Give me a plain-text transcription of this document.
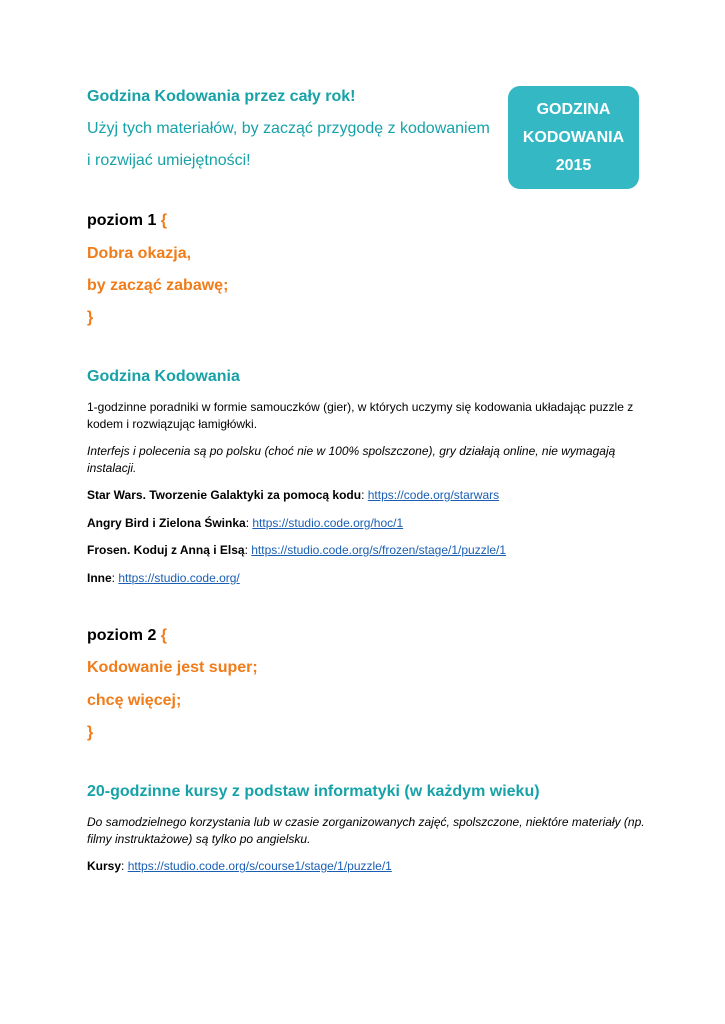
Godzina Kodowania przez cały rok!
Użyj tych materiałów, by zacząć przygodę z kodowaniem
i rozwijać umiejętności!
GODZINA
KODOWANIA
2015
poziom 1 {
Dobra okazja,
by zacząć zabawę;
}
Godzina Kodowania
1-godzinne poradniki w formie samouczków (gier), w których uczymy się kodowania układając puzzle z kodem i rozwiązując łamigłówki.
Interfejs i polecenia są po polsku (choć nie w 100% spolszczone), gry działają online, nie wymagają instalacji.
Star Wars. Tworzenie Galaktyki za pomocą kodu: https://code.org/starwars
Angry Bird i Zielona Świnka: https://studio.code.org/hoc/1
Frosen. Koduj z Anną i Elsą: https://studio.code.org/s/frozen/stage/1/puzzle/1
Inne: https://studio.code.org/
poziom 2 {
Kodowanie jest super;
chcę więcej;
}
20-godzinne kursy z podstaw informatyki (w każdym wieku)
Do samodzielnego korzystania lub w czasie zorganizowanych zajęć, spolszczone, niektóre materiały (np. filmy instruktażowe) są tylko po angielsku.
Kursy: https://studio.code.org/s/course1/stage/1/puzzle/1
